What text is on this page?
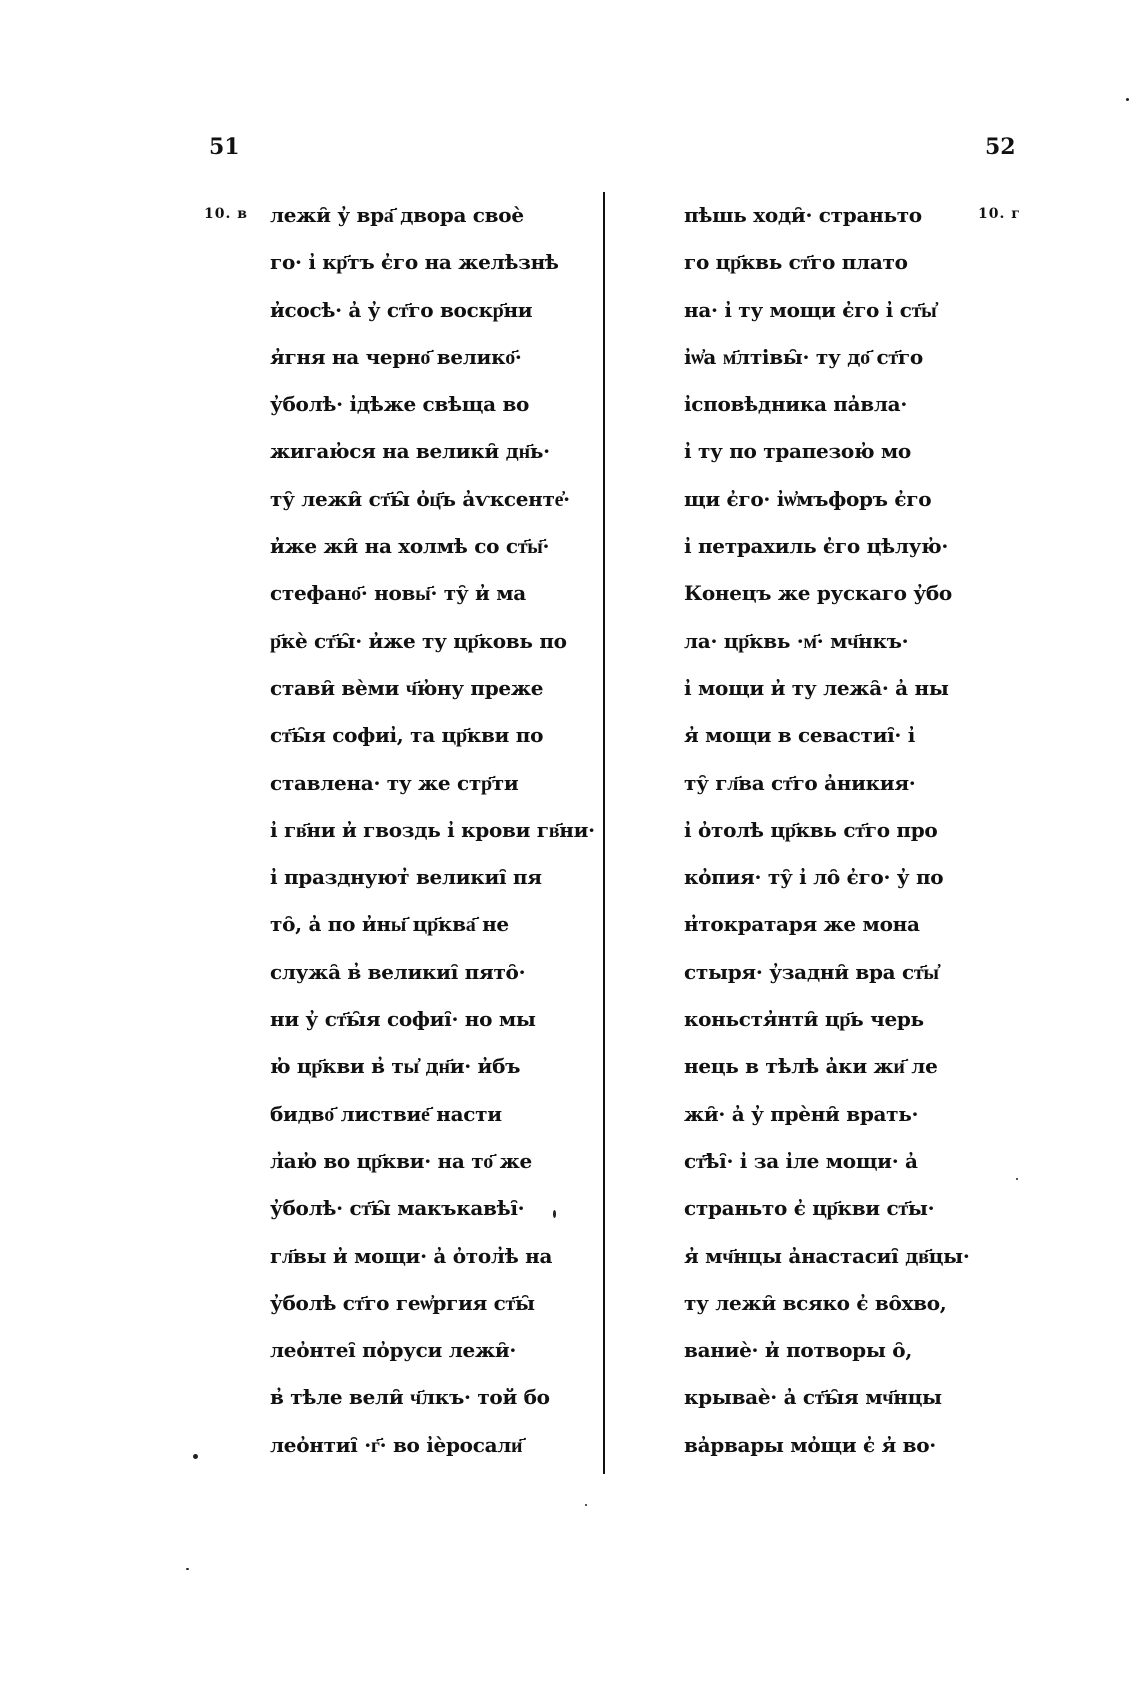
51	52
10. в	10. г
лежи̑ у̓ вра҃ двора своѐ
го· і̓ кр҃тъ є̓го на желѣзнѣ
и̓сосѣ· а̓ у̓ ст҃го воскр҃ни
я̓гня на черно҃ велико҃·
у̓болѣ· і̓дѣже свѣща во
жигаю̓ся на велики̑ дн҃ь·
ту̑ лежи̑ ст҃ы̑ о̓ц҃ъ а̓ѵксенте҆·
и̓же жи̑ на холмѣ со ст҃ы҃·
стефано҃· новы҃· ту̑ и̓ ма
р҃кѐ ст҃ы̑· и̓же ту цр҃ковь по
стави̑ вѐми ч҃ю̓ну преже
ст҃ы̑я софиі̓, та цр҃кви по
ставлена· ту же стр҃ти
і̓ гв҃ни и̓ гвоздь і̓ крови гв҃ни·
і̓ празднуют̓ великиі̑ пя
то̑, а̓ по и̓ны҃ цр҃ква҃ не
служа̑ в̓ великиі̑ пято̑·
ни у̓ ст҃ы̑я софиі̑· но мы
ю̓ цр҃кви в̓ ты҆ дн҃и· и̓бъ
бидво҃ листвие҃ насти
л̓аю̓ во цр҃кви· на то҃ же
у̓болѣ· ст҃ы̑ макъкавѣі̑·
гл҃вы и̓ мощи· а̓ о̓тол̓ѣ на
у̓болѣ ст҃го геѡ̓ргия ст҃ы̑
лео̓нтеі̑ по̓руси лежи̑·
в̓ тѣле вели̑ ч҃лкъ· той бо
лео̓нтиі̑ ·г҃· во і̓ѐросали҃
пѣшь ходи̑· страньто
го цр҃квь ст҃го плато
на· і̓ ту мощи є̓го і̓ ст҃ы҆
і̓ѡ̓а м҃лтівы̑· ту до҃ ст҃го
і̓сповѣдника па̓вла·
і̓ ту по трапезою̓ мо
щи є̓го· і̓ѡ̓мъфоръ є̓го
і̓ петрахиль є̓го цѣлую̓·
Конецъ же рускаго у̓бо
ла· цр҃квь ·м҃· мч҃нкъ·
і̓ мощи и̓ ту лежа̑· а̓ ны
я̓ мощи в севастиі̑· і̓
ту̑ гл҃ва ст҃го а̓никия·
і̓ о̓толѣ цр҃квь ст҃го про
ко̓пия· ту̑ і̓ ло̑ є̓го· у̓ по
н̓тократаря же мона
стыря· у̓задни̑ вра ст҃ы҆
коньстя̓нти̑ цр҃ь черь
нець в тѣлѣ а̓ки жи҃ ле
жи̑· а̓ у̓ прѐни̑ врать·
ст҃ѣі̑· і̓ за і̓ле мощи· а̓
страньто є̓ цр҃кви ст҃ы·
я̓ мч҃нцы а̓настасиі̑ дв҃цы·
ту лежи̑ всяко є̓ во̑хво,
ваниѐ· и̓ потворы о̑,
крываѐ· а̓ ст҃ы̑я мч҃нцы
ва̓рвары мо̓щи є̓ я̓ во·
